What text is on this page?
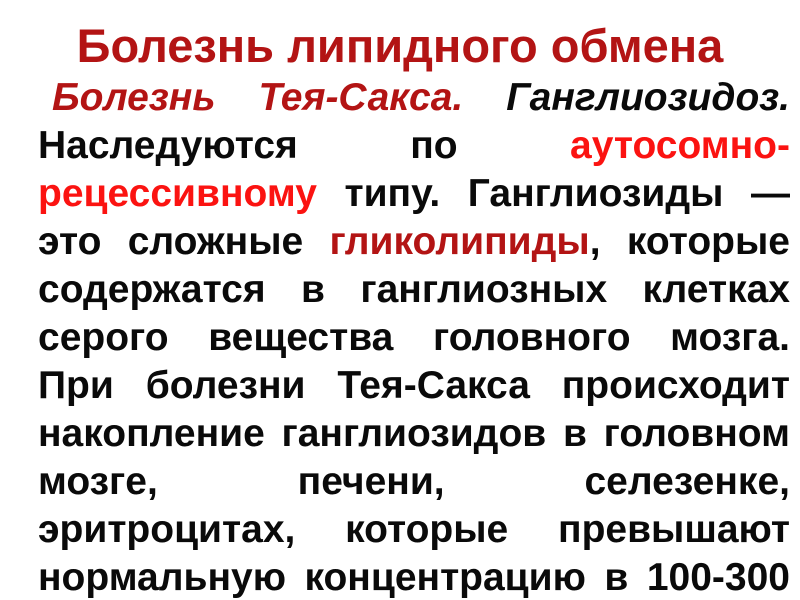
Болезнь липидного обмена
Болезнь Тея-Сакса. Ганглиозидоз.
Наследуются	по	аутосомно-
рецессивному типу. Ганглиозиды —
это сложные гликолипиды, которые
содержатся в ганглиозных клетках
серого вещества головного мозга.
При болезни Тея-Сакса происходит
накопление ганглиозидов в головном
мозге,	печени,	селезенке,
эритроцитах, которые превышают
нормальную концентрацию в 100-300
